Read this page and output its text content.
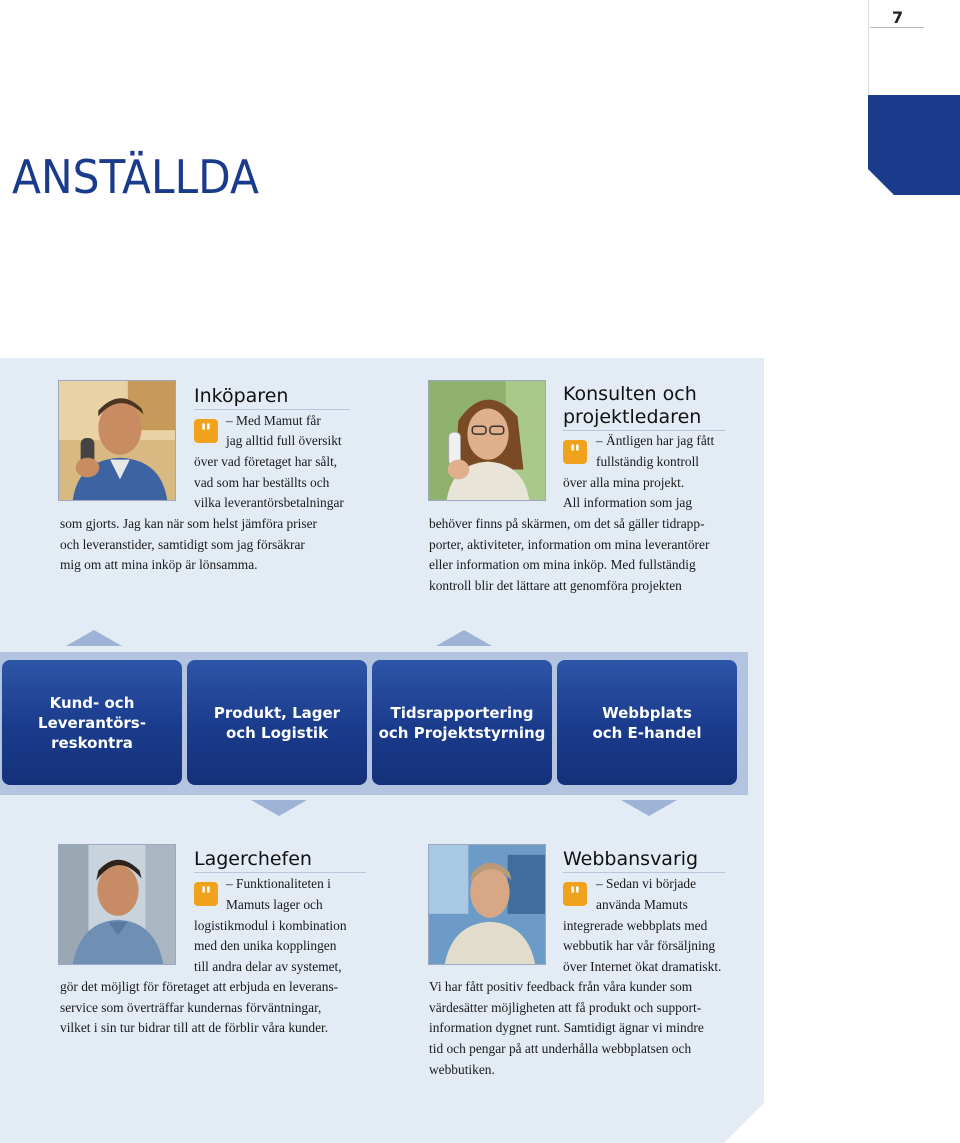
7
ANSTÄLLDA
Inköparen
"
– Med Mamut får
jag alltid full översikt
över vad företaget har sålt,
vad som har beställts och
vilka leverantörsbetalningar
som gjorts. Jag kan när som helst jämföra priser
och leveranstider, samtidigt som jag försäkrar
mig om att mina inköp är lönsamma.
Konsulten och
projektledaren
"
– Äntligen har jag fått
fullständig kontroll
över alla mina projekt.
All information som jag
behöver finns på skärmen, om det så gäller tidrapp-
porter, aktiviteter, information om mina leverantörer
eller information om mina inköp. Med fullständig
kontroll blir det lättare att genomföra projekten
Kund- och
Leverantörs-
reskontra
Produkt, Lager
och Logistik
Tidsrapportering
och Projektstyrning
Webbplats
och E-handel
Lagerchefen
"
– Funktionaliteten i
Mamuts lager och
logistikmodul i kombination
med den unika kopplingen
till andra delar av systemet,
gör det möjligt för företaget att erbjuda en leverans-
service som överträffar kundernas förväntningar,
vilket i sin tur bidrar till att de förblir våra kunder.
Webbansvarig
"
– Sedan vi började
använda Mamuts
integrerade webbplats med
webbutik har vår försäljning
över Internet ökat dramatiskt.
Vi har fått positiv feedback från våra kunder som
värdesätter möjligheten att få produkt och support-
information dygnet runt. Samtidigt ägnar vi mindre
tid och pengar på att underhålla webbplatsen och
webbutiken.
